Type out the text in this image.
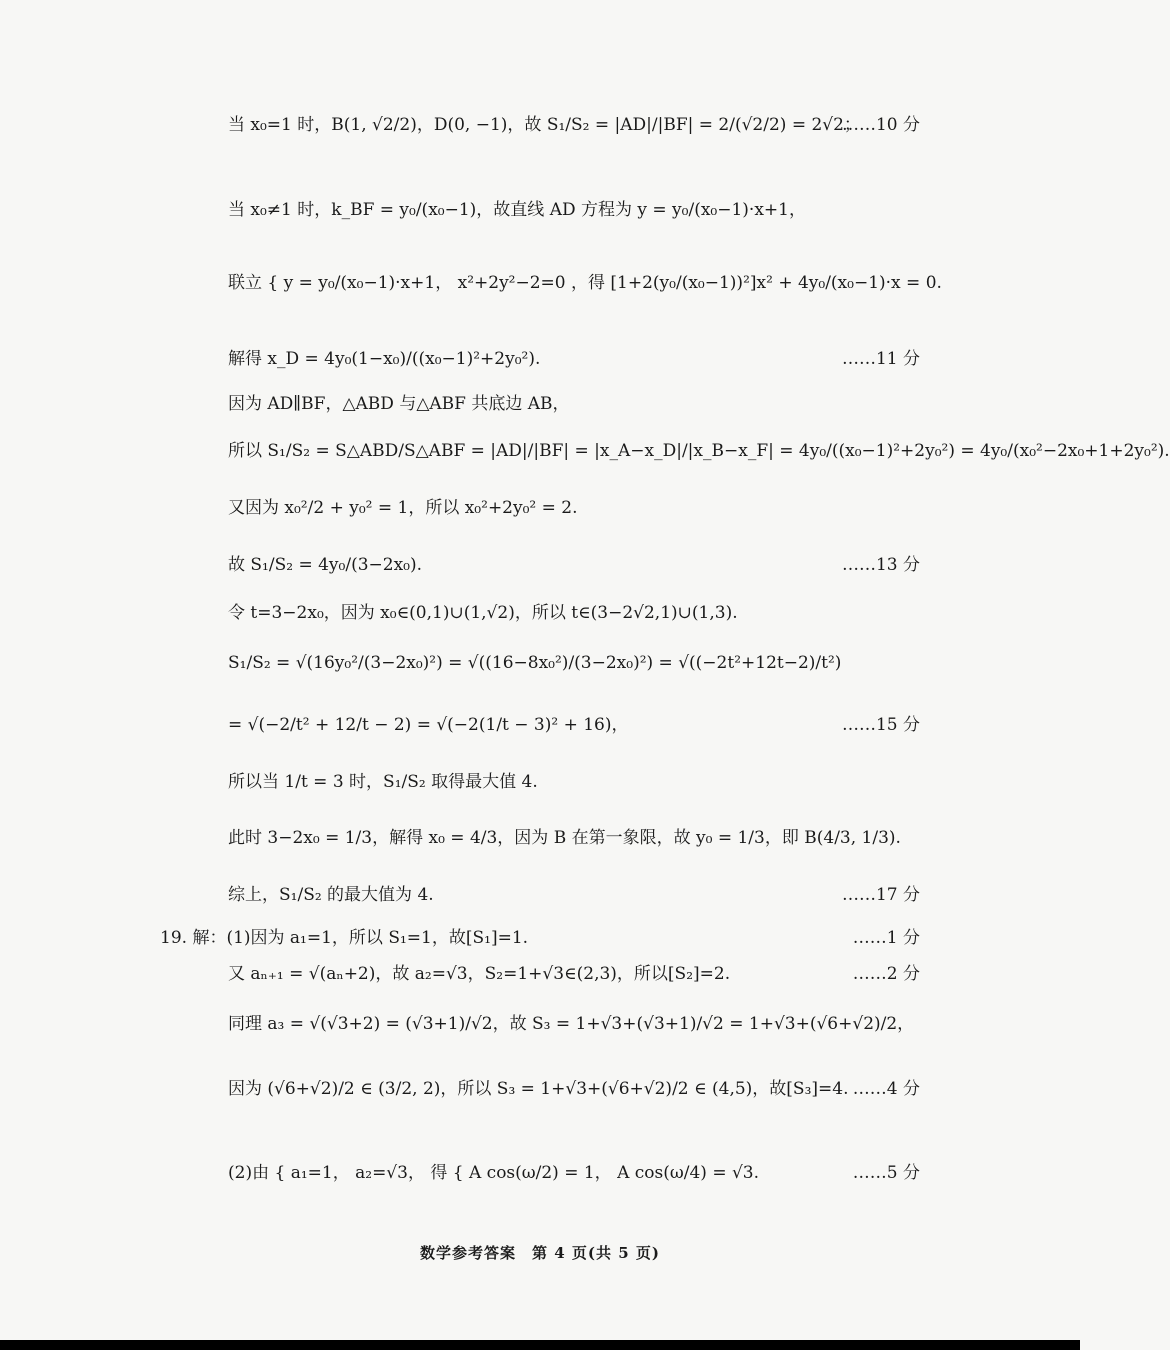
当 x₀=1 时，B(1, √2/2)，D(0, −1)，故 S₁/S₂ = |AD|/|BF| = 2/(√2/2) = 2√2；
……10 分
当 x₀≠1 时，k_BF = y₀/(x₀−1)，故直线 AD 方程为 y = y₀/(x₀−1)·x+1，
联立 { y = y₀/(x₀−1)·x+1， x²+2y²−2=0 ，得 [1+2(y₀/(x₀−1))²]x² + 4y₀/(x₀−1)·x = 0.
解得 x_D = 4y₀(1−x₀)/((x₀−1)²+2y₀²).	……11 分
因为 AD∥BF，△ABD 与△ABF 共底边 AB，
所以 S₁/S₂ = S△ABD/S△ABF = |AD|/|BF| = |x_A−x_D|/|x_B−x_F| = 4y₀/((x₀−1)²+2y₀²) = 4y₀/(x₀²−2x₀+1+2y₀²).
又因为 x₀²/2 + y₀² = 1，所以 x₀²+2y₀² = 2.
故 S₁/S₂ = 4y₀/(3−2x₀).	……13 分
令 t=3−2x₀，因为 x₀∈(0,1)∪(1,√2)，所以 t∈(3−2√2,1)∪(1,3).
S₁/S₂ = √(16y₀²/(3−2x₀)²) = √((16−8x₀²)/(3−2x₀)²) = √((−2t²+12t−2)/t²)
= √(−2/t² + 12/t − 2) = √(−2(1/t − 3)² + 16)，	……15 分
所以当 1/t = 3 时，S₁/S₂ 取得最大值 4.
此时 3−2x₀ = 1/3，解得 x₀ = 4/3，因为 B 在第一象限，故 y₀ = 1/3，即 B(4/3, 1/3).
综上，S₁/S₂ 的最大值为 4.	……17 分
19. 解：(1)因为 a₁=1，所以 S₁=1，故[S₁]=1.	……1 分
又 aₙ₊₁ = √(aₙ+2)，故 a₂=√3，S₂=1+√3∈(2,3)，所以[S₂]=2.	……2 分
同理 a₃ = √(√3+2) = (√3+1)/√2，故 S₃ = 1+√3+(√3+1)/√2 = 1+√3+(√6+√2)/2，
因为 (√6+√2)/2 ∈ (3/2, 2)，所以 S₃ = 1+√3+(√6+√2)/2 ∈ (4,5)，故[S₃]=4. ……4 分
(2)由 { a₁=1， a₂=√3， 得 { A cos(ω/2) = 1， A cos(ω/4) = √3.	……5 分
数学参考答案　第 4 页(共 5 页)
